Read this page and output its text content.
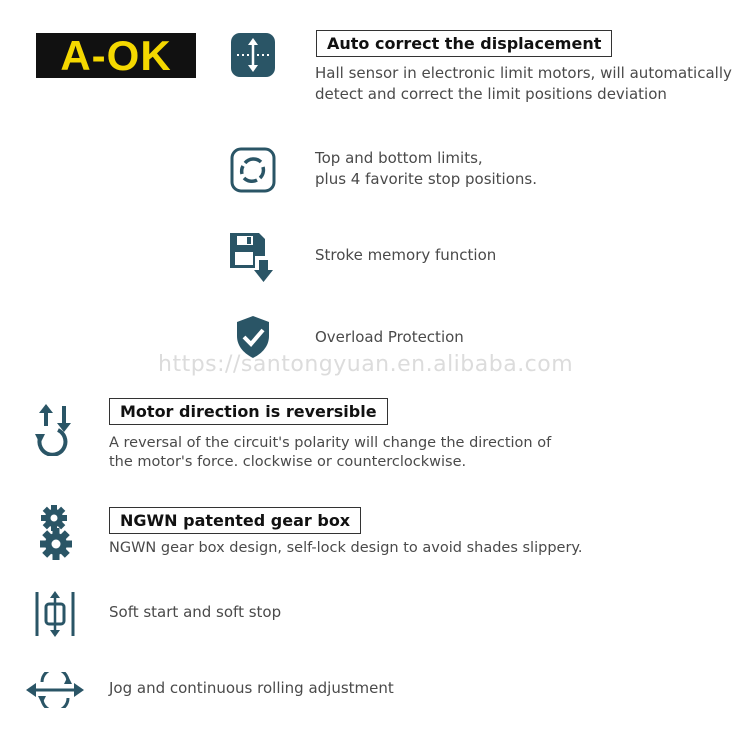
A-OK	Auto correct the displacement
Hall sensor in electronic limit motors, will automatically
detect and correct the limit positions deviation
Top and bottom limits,
plus 4 favorite stop positions.
Stroke memory function
Overload Protection
https://santongyuan.en.alibaba.com
Motor direction is reversible
A reversal of the circuit's polarity will change the direction of
the motor's force. clockwise or counterclockwise.
NGWN patented gear box
NGWN gear box design, self-lock design to avoid shades slippery.
Soft start and soft stop
Jog and continuous rolling adjustment
